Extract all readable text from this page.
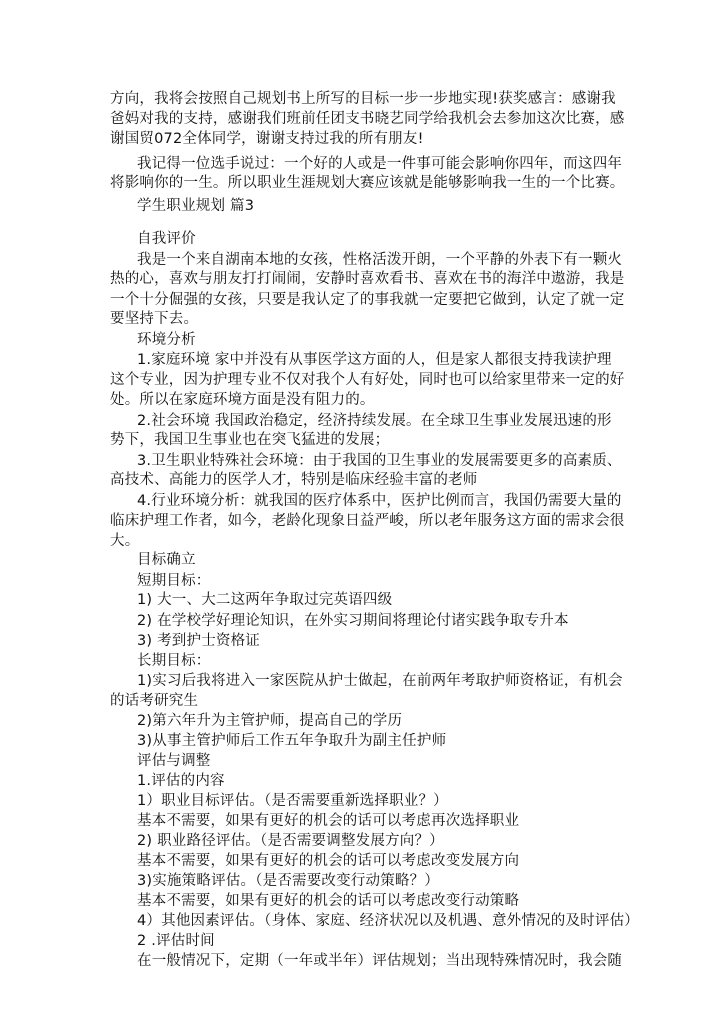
方向，我将会按照自己规划书上所写的目标一步一步地实现!获奖感言：感谢我
爸妈对我的支持，感谢我们班前任团支书晓艺同学给我机会去参加这次比赛，感
谢国贸072全体同学，谢谢支持过我的所有朋友!
我记得一位选手说过：一个好的人或是一件事可能会影响你四年，而这四年
将影响你的一生。所以职业生涯规划大赛应该就是能够影响我一生的一个比赛。
学生职业规划 篇3
自我评价
我是一个来自湖南本地的女孩，性格活泼开朗，一个平静的外表下有一颗火
热的心，喜欢与朋友打打闹闹，安静时喜欢看书、喜欢在书的海洋中遨游，我是
一个十分倔强的女孩，只要是我认定了的事我就一定要把它做到，认定了就一定
要坚持下去。
环境分析
1.家庭环境 家中并没有从事医学这方面的人，但是家人都很支持我读护理
这个专业，因为护理专业不仅对我个人有好处，同时也可以给家里带来一定的好
处。所以在家庭环境方面是没有阻力的。
2.社会环境 我国政治稳定，经济持续发展。在全球卫生事业发展迅速的形
势下，我国卫生事业也在突飞猛进的发展；
3.卫生职业特殊社会环境：由于我国的卫生事业的发展需要更多的高素质、
高技术、高能力的医学人才，特别是临床经验丰富的老师
4.行业环境分析：就我国的医疗体系中，医护比例而言，我国仍需要大量的
临床护理工作者，如今，老龄化现象日益严峻，所以老年服务这方面的需求会很
大。
目标确立
短期目标：
1) 大一、大二这两年争取过完英语四级
2) 在学校学好理论知识，在外实习期间将理论付诸实践争取专升本
3) 考到护士资格证
长期目标：
1)实习后我将进入一家医院从护士做起，在前两年考取护师资格证，有机会
的话考研究生
2)第六年升为主管护师，提高自己的学历
3)从事主管护师后工作五年争取升为副主任护师
评估与调整
1.评估的内容
1）职业目标评估。（是否需要重新选择职业？）
基本不需要，如果有更好的机会的话可以考虑再次选择职业
2) 职业路径评估。（是否需要调整发展方向？）
基本不需要，如果有更好的机会的话可以考虑改变发展方向
3)实施策略评估。（是否需要改变行动策略？）
基本不需要，如果有更好的机会的话可以考虑改变行动策略
4）其他因素评估。（身体、家庭、经济状况以及机遇、意外情况的及时评估）
2 .评估时间
在一般情况下，定期（一年或半年）评估规划；当出现特殊情况时，我会随
